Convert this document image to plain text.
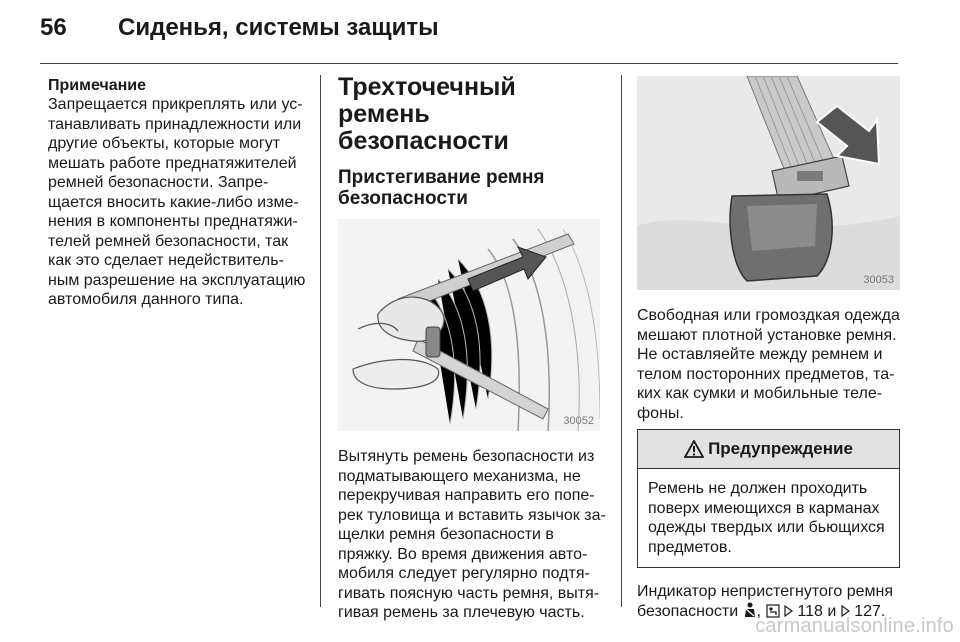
56	Сиденья, системы защиты
Примечание
Запрещается прикреплять или ус-
танавливать принадлежности или
другие объекты, которые могут
мешать работе преднатяжителей
ремней безопасности. Запре-
щается вносить какие-либо изме-
нения в компоненты преднатяжи-
телей ремней безопасности, так
как это сделает недействитель-
ным разрешение на эксплуатацию
автомобиля данного типа.
Трехточечный ремень
безопасности
Пристегивание ремня
безопасности
30052
Вытянуть ремень безопасности из
подматывающего механизма, не
перекручивая направить его попе-
рек туловища и вставить язычок за-
щелки ремня безопасности в
пряжку. Во время движения авто-
мобиля следует регулярно подтя-
гивать поясную часть ремня, вытя-
гивая ремень за плечевую часть.
30053
Свободная или громоздкая одежда
мешают плотной установке ремня.
Не оставляейте между ремнем и
телом посторонних предметов, та-
ких как сумки и мобильные теле-
фоны.
Предупреждение
Ремень не должен проходить
поверх имеющихся в карманах
одежды твердых или бьющихся
предметов.
Индикатор непристегнутого ремня
безопасности , 118 и 127.
carmanualsonline.info
